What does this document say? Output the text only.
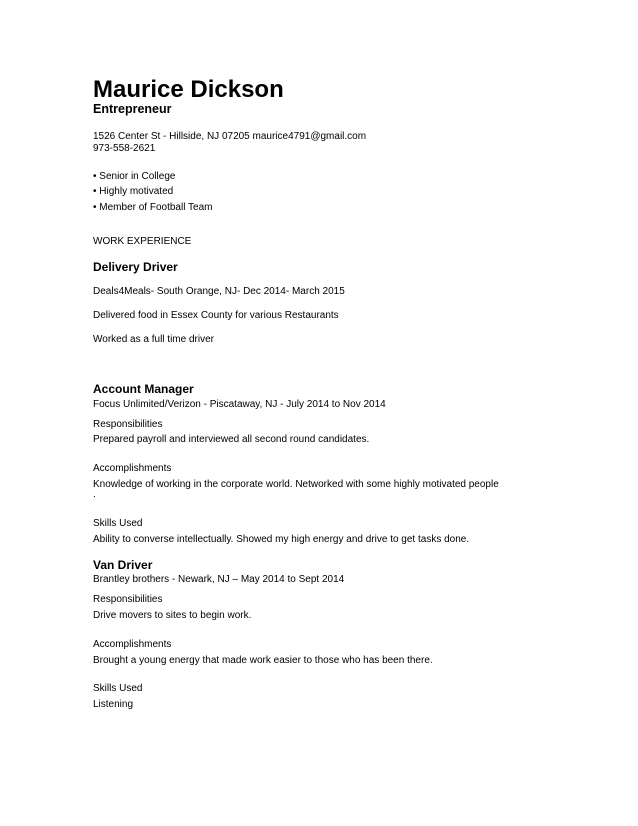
Maurice Dickson
Entrepreneur
1526 Center St - Hillside, NJ 07205 maurice4791@gmail.com
973-558-2621
• Senior in College
• Highly motivated
• Member of Football Team
WORK EXPERIENCE
Delivery Driver
Deals4Meals- South Orange, NJ- Dec 2014- March 2015
Delivered food in Essex County for various Restaurants
Worked as a full time driver
Account Manager
Focus Unlimited/Verizon - Piscataway, NJ - July 2014 to Nov 2014
Responsibilities
Prepared payroll and interviewed all second round candidates.
Accomplishments
Knowledge of working in the corporate world. Networked with some highly motivated people
.
Skills Used
Ability to converse intellectually. Showed my high energy and drive to get tasks done.
Van Driver
Brantley brothers - Newark, NJ – May 2014 to Sept 2014
Responsibilities
Drive movers to sites to begin work.
Accomplishments
Brought a young energy that made work easier to those who has been there.
Skills Used
Listening
